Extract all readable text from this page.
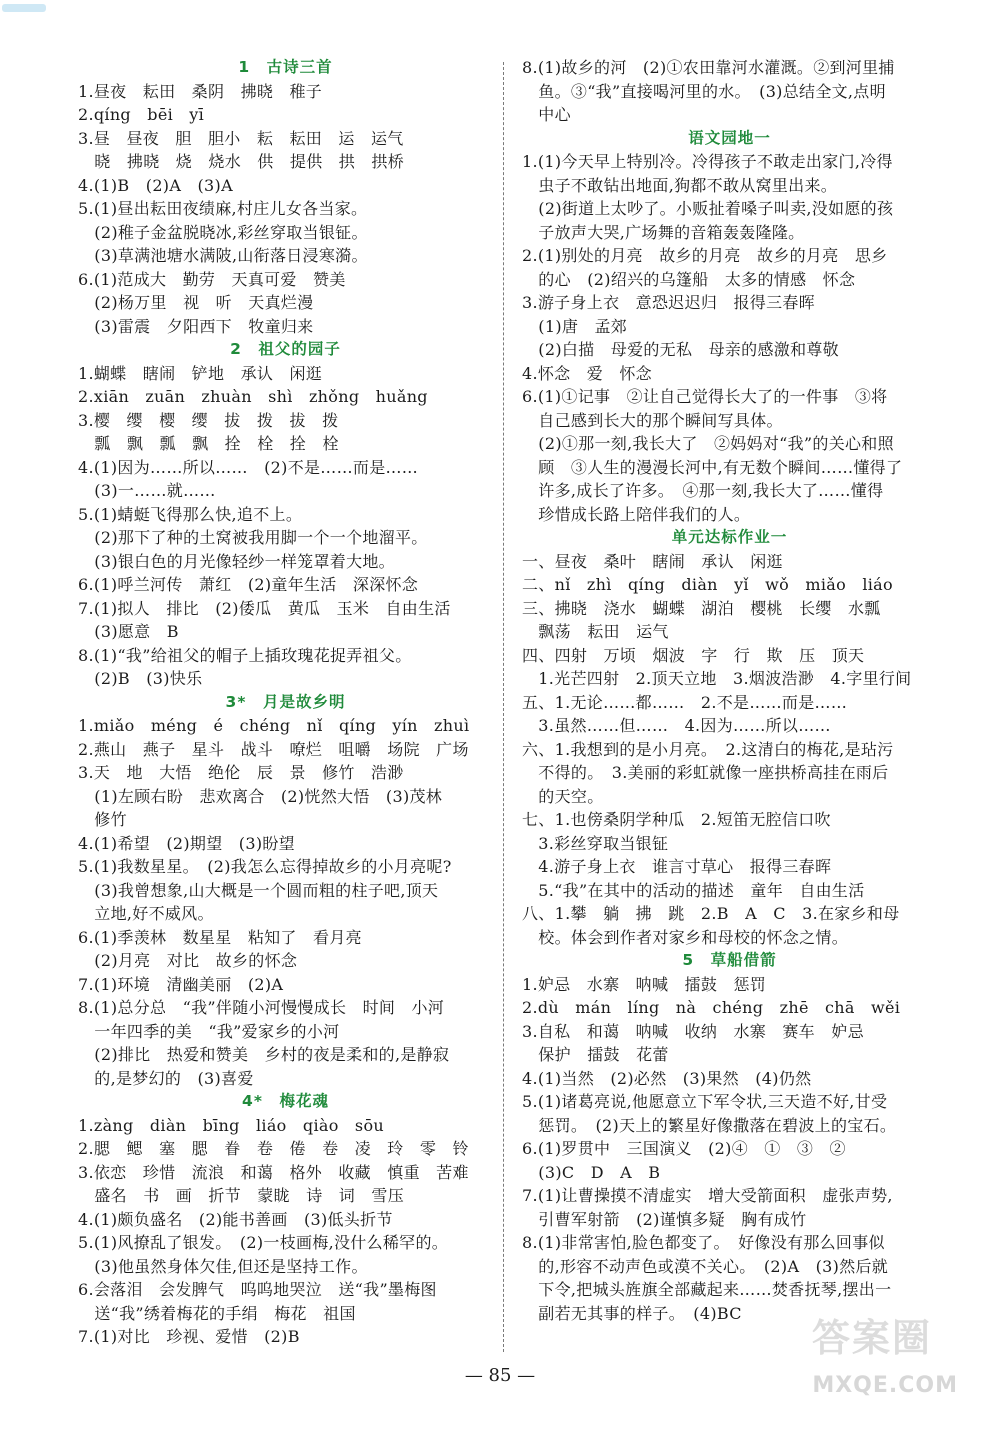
1　古诗三首
1.昼夜　耘田　桑阴　拂晓　稚子
2.qíng　bēi　yī
3.昼　昼夜　胆　胆小　耘　耘田　运　运气
　晓　拂晓　烧　烧水　供　提供　拱　拱桥
4.(1)B　(2)A　(3)A
5.(1)昼出耘田夜绩麻,村庄儿女各当家。
　(2)稚子金盆脱晓冰,彩丝穿取当银钲。
　(3)草满池塘水满陂,山衔落日浸寒漪。
6.(1)范成大　勤劳　天真可爱　赞美
　(2)杨万里　视　听　天真烂漫
　(3)雷震　夕阳西下　牧童归来
2　祖父的园子
1.蝴蝶　瞎闹　铲地　承认　闲逛
2.xiān　zuān　zhuàn　shì　zhǒng　huǎng
3.樱　缨　樱　缨　拔　拨　拔　拨
　瓢　飘　瓢　飘　拴　栓　拴　栓
4.(1)因为……所以……　(2)不是……而是……
　(3)一……就……
5.(1)蜻蜓飞得那么快,追不上。
　(2)那下了种的土窝被我用脚一个一个地溜平。
　(3)银白色的月光像轻纱一样笼罩着大地。
6.(1)呼兰河传　萧红　(2)童年生活　深深怀念
7.(1)拟人　排比　(2)倭瓜　黄瓜　玉米　自由生活
　(3)愿意　B
8.(1)“我”给祖父的帽子上插玫瑰花捉弄祖父。
　(2)B　(3)快乐
3*　月是故乡明
1.miǎo　méng　é　chéng　nǐ　qíng　yín　zhuì
2.燕山　燕子　星斗　战斗　嘹烂　咀嚼　场院　广场
3.天　地　大悟　绝伦　辰　景　修竹　浩渺
　(1)左顾右盼　悲欢离合　(2)恍然大悟　(3)茂林
　修竹
4.(1)希望　(2)期望　(3)盼望
5.(1)我数星星。　(2)我怎么忘得掉故乡的小月亮呢?
　(3)我曾想象,山大概是一个圆而粗的柱子吧,顶天
　立地,好不威风。
6.(1)季羡林　数星星　粘知了　看月亮
　(2)月亮　对比　故乡的怀念
7.(1)环境　清幽美丽　(2)A
8.(1)总分总　“我”伴随小河慢慢成长　时间　小河
　一年四季的美　“我”爱家乡的小河
　(2)排比　热爱和赞美　乡村的夜是柔和的,是静寂
　的,是梦幻的　(3)喜爱
4*　梅花魂
1.zàng　diàn　bīng　liáo　qiào　sōu
2.腮　鳃　塞　腮　眷　卷　倦　卷　凌　玲　零　铃
3.依恋　珍惜　流浪　和蔼　格外　收藏　慎重　苦难
　盛名　书　画　折节　蒙眬　诗　词　雪压
4.(1)颇负盛名　(2)能书善画　(3)低头折节
5.(1)风撩乱了银发。　(2)一枝画梅,没什么稀罕的。
　(3)他虽然身体欠佳,但还是坚持工作。
6.会落泪　会发脾气　呜呜地哭泣　送“我”墨梅图
　送“我”绣着梅花的手绢　梅花　祖国
7.(1)对比　珍视、爱惜　(2)B
8.(1)故乡的河　(2)①农田靠河水灌溉。②到河里捕
　鱼。③“我”直接喝河里的水。　(3)总结全文,点明
　中心
语文园地一
1.(1)今天早上特别冷。冷得孩子不敢走出家门,冷得
　虫子不敢钻出地面,狗都不敢从窝里出来。
　(2)街道上太吵了。小贩扯着嗓子叫卖,没如愿的孩
　子放声大哭,广场舞的音箱轰轰隆隆。
2.(1)别处的月亮　故乡的月亮　故乡的月亮　思乡
　的心　(2)绍兴的乌篷船　太多的情感　怀念
3.游子身上衣　意恐迟迟归　报得三春晖
　(1)唐　孟郊
　(2)白描　母爱的无私　母亲的感激和尊敬
4.怀念　爱　怀念
6.(1)①记事　②让自己觉得长大了的一件事　③将
　自己感到长大的那个瞬间写具体。
　(2)①那一刻,我长大了　②妈妈对“我”的关心和照
　顾　③人生的漫漫长河中,有无数个瞬间……懂得了
　许多,成长了许多。　④那一刻,我长大了……懂得
　珍惜成长路上陪伴我们的人。
单元达标作业一
一、昼夜　桑叶　瞎闹　承认　闲逛
二、nǐ　zhì　qíng　diàn　yǐ　wǒ　miǎo　liáo
三、拂晓　浇水　蝴蝶　湖泊　樱桃　长缨　水瓢
　飘荡　耘田　运气
四、四射　万顷　烟波　字　行　欺　压　顶天
　1.光芒四射　2.顶天立地　3.烟波浩渺　4.字里行间
五、1.无论……都……　2.不是……而是……
　3.虽然……但……　4.因为……所以……
六、1.我想到的是小月亮。　2.这清白的梅花,是玷污
　不得的。　3.美丽的彩虹就像一座拱桥高挂在雨后
　的天空。
七、1.也傍桑阴学种瓜　2.短笛无腔信口吹
　3.彩丝穿取当银钲
　4.游子身上衣　谁言寸草心　报得三春晖
　5.“我”在其中的活动的描述　童年　自由生活
八、1.攀　躺　拂　跳　2.B　A　C　3.在家乡和母
　校。体会到作者对家乡和母校的怀念之情。
5　草船借箭
1.妒忌　水寨　呐喊　擂鼓　惩罚
2.dù　mán　líng　nà　chéng　zhē　chā　wěi
3.自私　和蔼　呐喊　收纳　水寨　赛车　妒忌
　保护　擂鼓　花蕾
4.(1)当然　(2)必然　(3)果然　(4)仍然
5.(1)诸葛亮说,他愿意立下军令状,三天造不好,甘受
　惩罚。　(2)天上的繁星好像撒落在碧波上的宝石。
6.(1)罗贯中　三国演义　(2)④　①　③　②
　(3)C　D　A　B
7.(1)让曹操摸不清虚实　增大受箭面积　虚张声势,
　引曹军射箭　(2)谨慎多疑　胸有成竹
8.(1)非常害怕,脸色都变了。　好像没有那么回事似
　的,形容不动声色或漠不关心。　(2)A　(3)然后就
　下令,把城头旌旗全部藏起来……焚香抚琴,摆出一
　副若无其事的样子。　(4)BC
— 85 —
答案圈
MXQE.COM
